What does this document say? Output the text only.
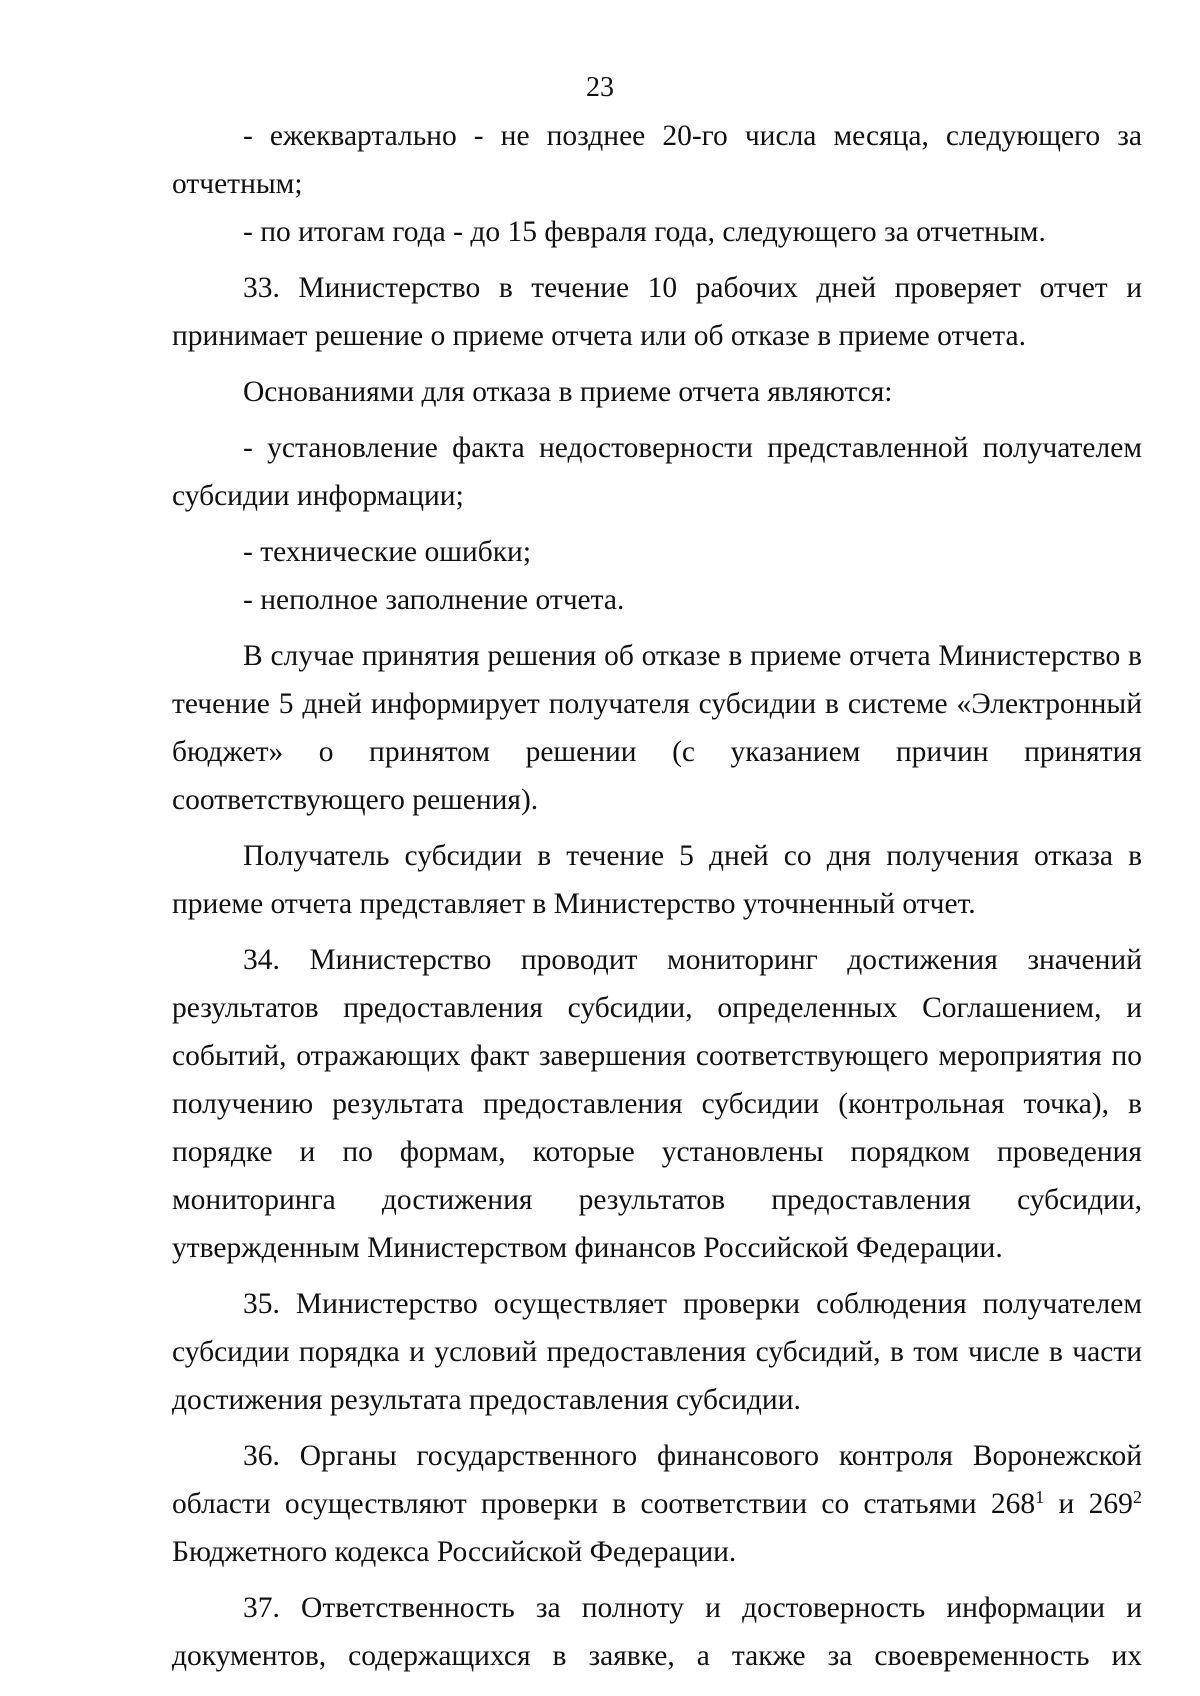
23

- ежеквартально - не позднее 20-го числа месяца, следующего за отчетным;

- по итогам года - до 15 февраля года, следующего за отчетным.

33. Министерство в течение 10 рабочих дней проверяет отчет и принимает решение о приеме отчета или об отказе в приеме отчета.

Основаниями для отказа в приеме отчета являются:

- установление факта недостоверности представленной получателем субсидии информации;

- технические ошибки;

- неполное заполнение отчета.

В случае принятия решения об отказе в приеме отчета Министерство в течение 5 дней информирует получателя субсидии в системе «Электронный бюджет» о принятом решении (с указанием причин принятия соответствующего решения).

Получатель субсидии в течение 5 дней со дня получения отказа в приеме отчета представляет в Министерство уточненный отчет.

34. Министерство проводит мониторинг достижения значений результатов предоставления субсидии, определенных Соглашением, и событий, отражающих факт завершения соответствующего мероприятия по получению результата предоставления субсидии (контрольная точка), в порядке и по формам, которые установлены порядком проведения мониторинга достижения результатов предоставления субсидии, утвержденным Министерством финансов Российской Федерации.

35. Министерство осуществляет проверки соблюдения получателем субсидии порядка и условий предоставления субсидий, в том числе в части достижения результата предоставления субсидии.

36. Органы государственного финансового контроля Воронежской области осуществляют проверки в соответствии со статьями $268^1$ и $269^2$ Бюджетного кодекса Российской Федерации.

37. Ответственность за полноту и достоверность информации и документов, содержащихся в заявке, а также за своевременность их
